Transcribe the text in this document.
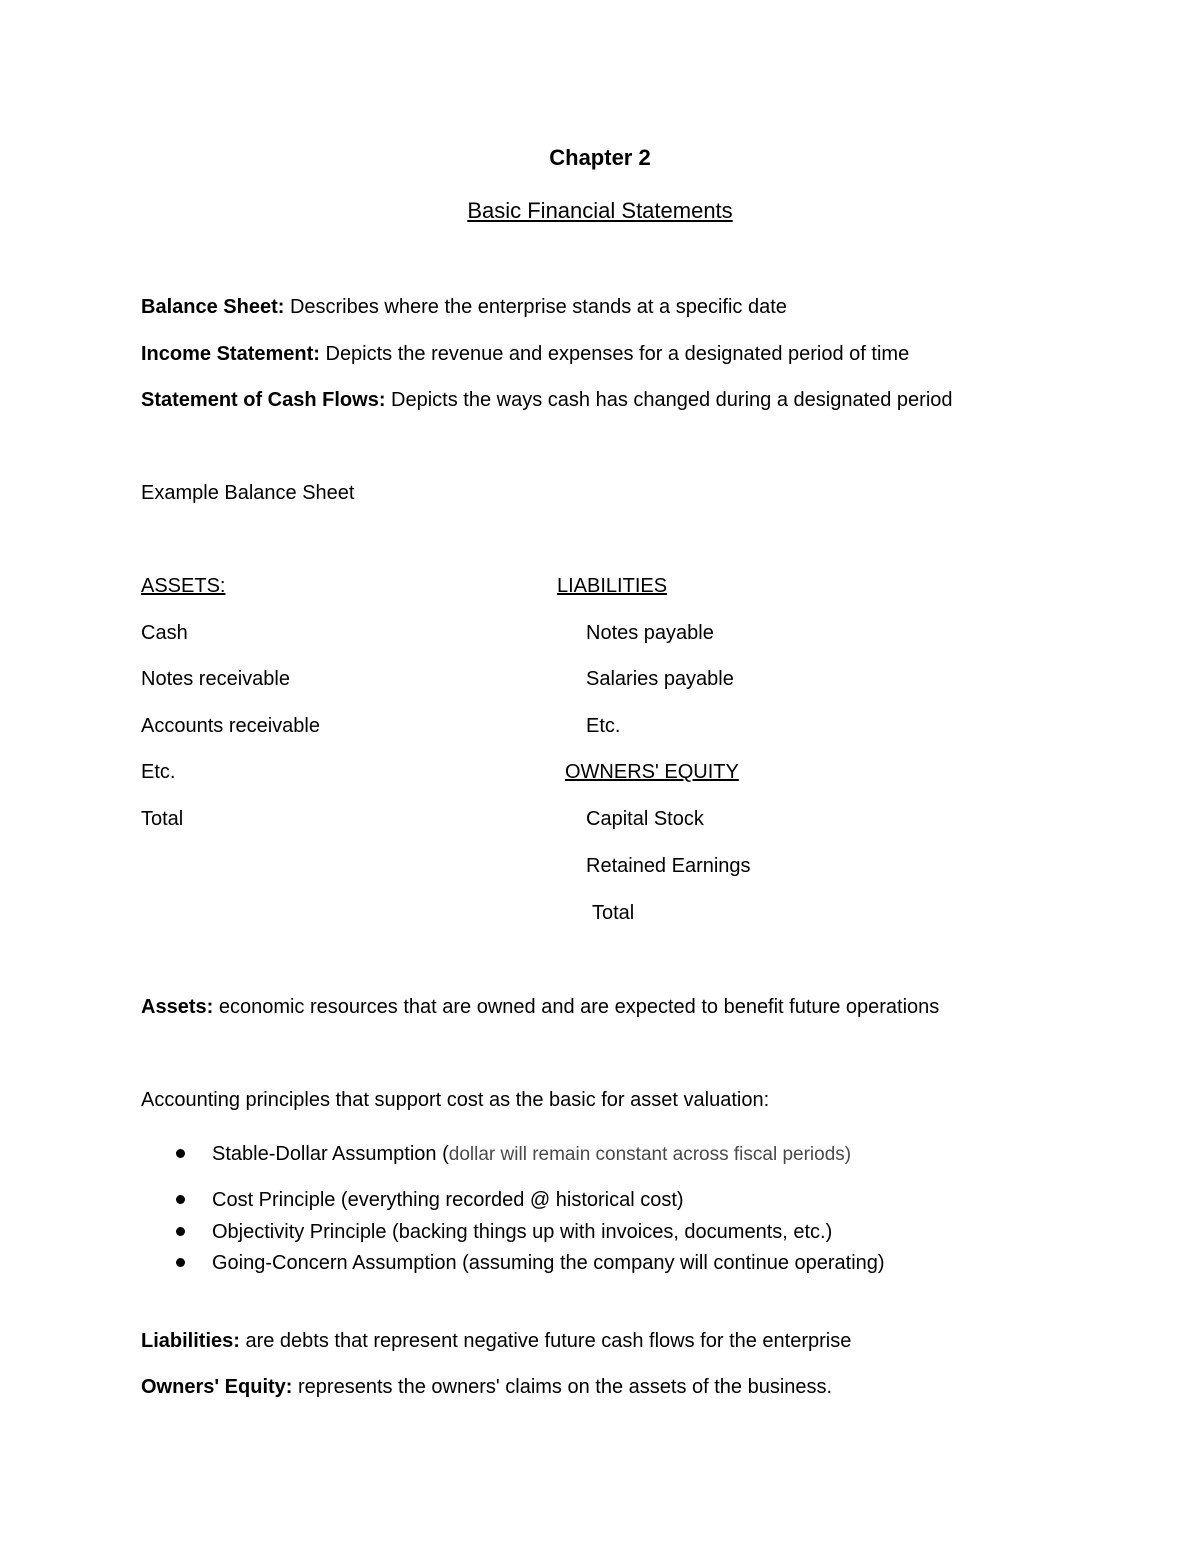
Chapter 2
Basic Financial Statements
Balance Sheet: Describes where the enterprise stands at a specific date
Income Statement: Depicts the revenue and expenses for a designated period of time
Statement of Cash Flows: Depicts the ways cash has changed during a designated period
Example Balance Sheet
ASSETS:
Cash
Notes receivable
Accounts receivable
Etc.
Total
LIABILITIES
Notes payable
Salaries payable
Etc.
OWNERS' EQUITY
Capital Stock
Retained Earnings
Total
Assets: economic resources that are owned and are expected to benefit future operations
Accounting principles that support cost as the basic for asset valuation:
Stable-Dollar Assumption (dollar will remain constant across fiscal periods)
Cost Principle (everything recorded @ historical cost)
Objectivity Principle (backing things up with invoices, documents, etc.)
Going-Concern Assumption (assuming the company will continue operating)
Liabilities: are debts that represent negative future cash flows for the enterprise
Owners' Equity: represents the owners' claims on the assets of the business.
